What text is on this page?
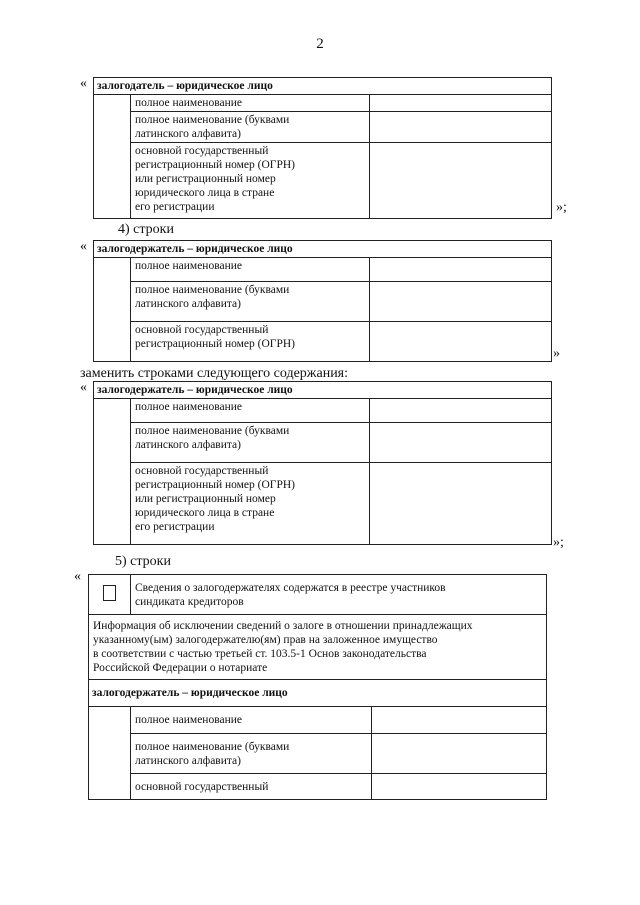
2
« залогодатель – юридическое лицо		

	полное наименование	

	полное наименование (буквами
латинского алфавита)	

	основной государственный
регистрационный номер (ОГРН)
или регистрационный номер
юридического лица в стране
его регистрации	
		»;
4) строки
« залогодержатель – юридическое лицо		

	полное наименование	

	полное наименование (буквами
латинского алфавита)	

	основной государственный
регистрационный номер (ОГРН)	

»
заменить строками следующего содержания:
« залогодержатель – юридическое лицо		

	полное наименование	

	полное наименование (буквами
латинского алфавита)	

	основной государственный
регистрационный номер (ОГРН)
или регистрационный номер
юридического лица в стране
его регистрации	

»;
5) строки
«

	Сведения о залогодержателях содержатся в реестре участников
синдиката кредиторов	

Информация об исключении сведений о залоге в отношении принадлежащих
указанному(ым) залогодержателю(ям) прав на заложенное имущество
в соответствии с частью третьей ст. 103.5-1 Основ законодательства
Российской Федерации о нотариате		

залогодержатель – юридическое лицо		

	полное наименование	

	полное наименование (буквами
латинского алфавита)	

	основной государственный	
